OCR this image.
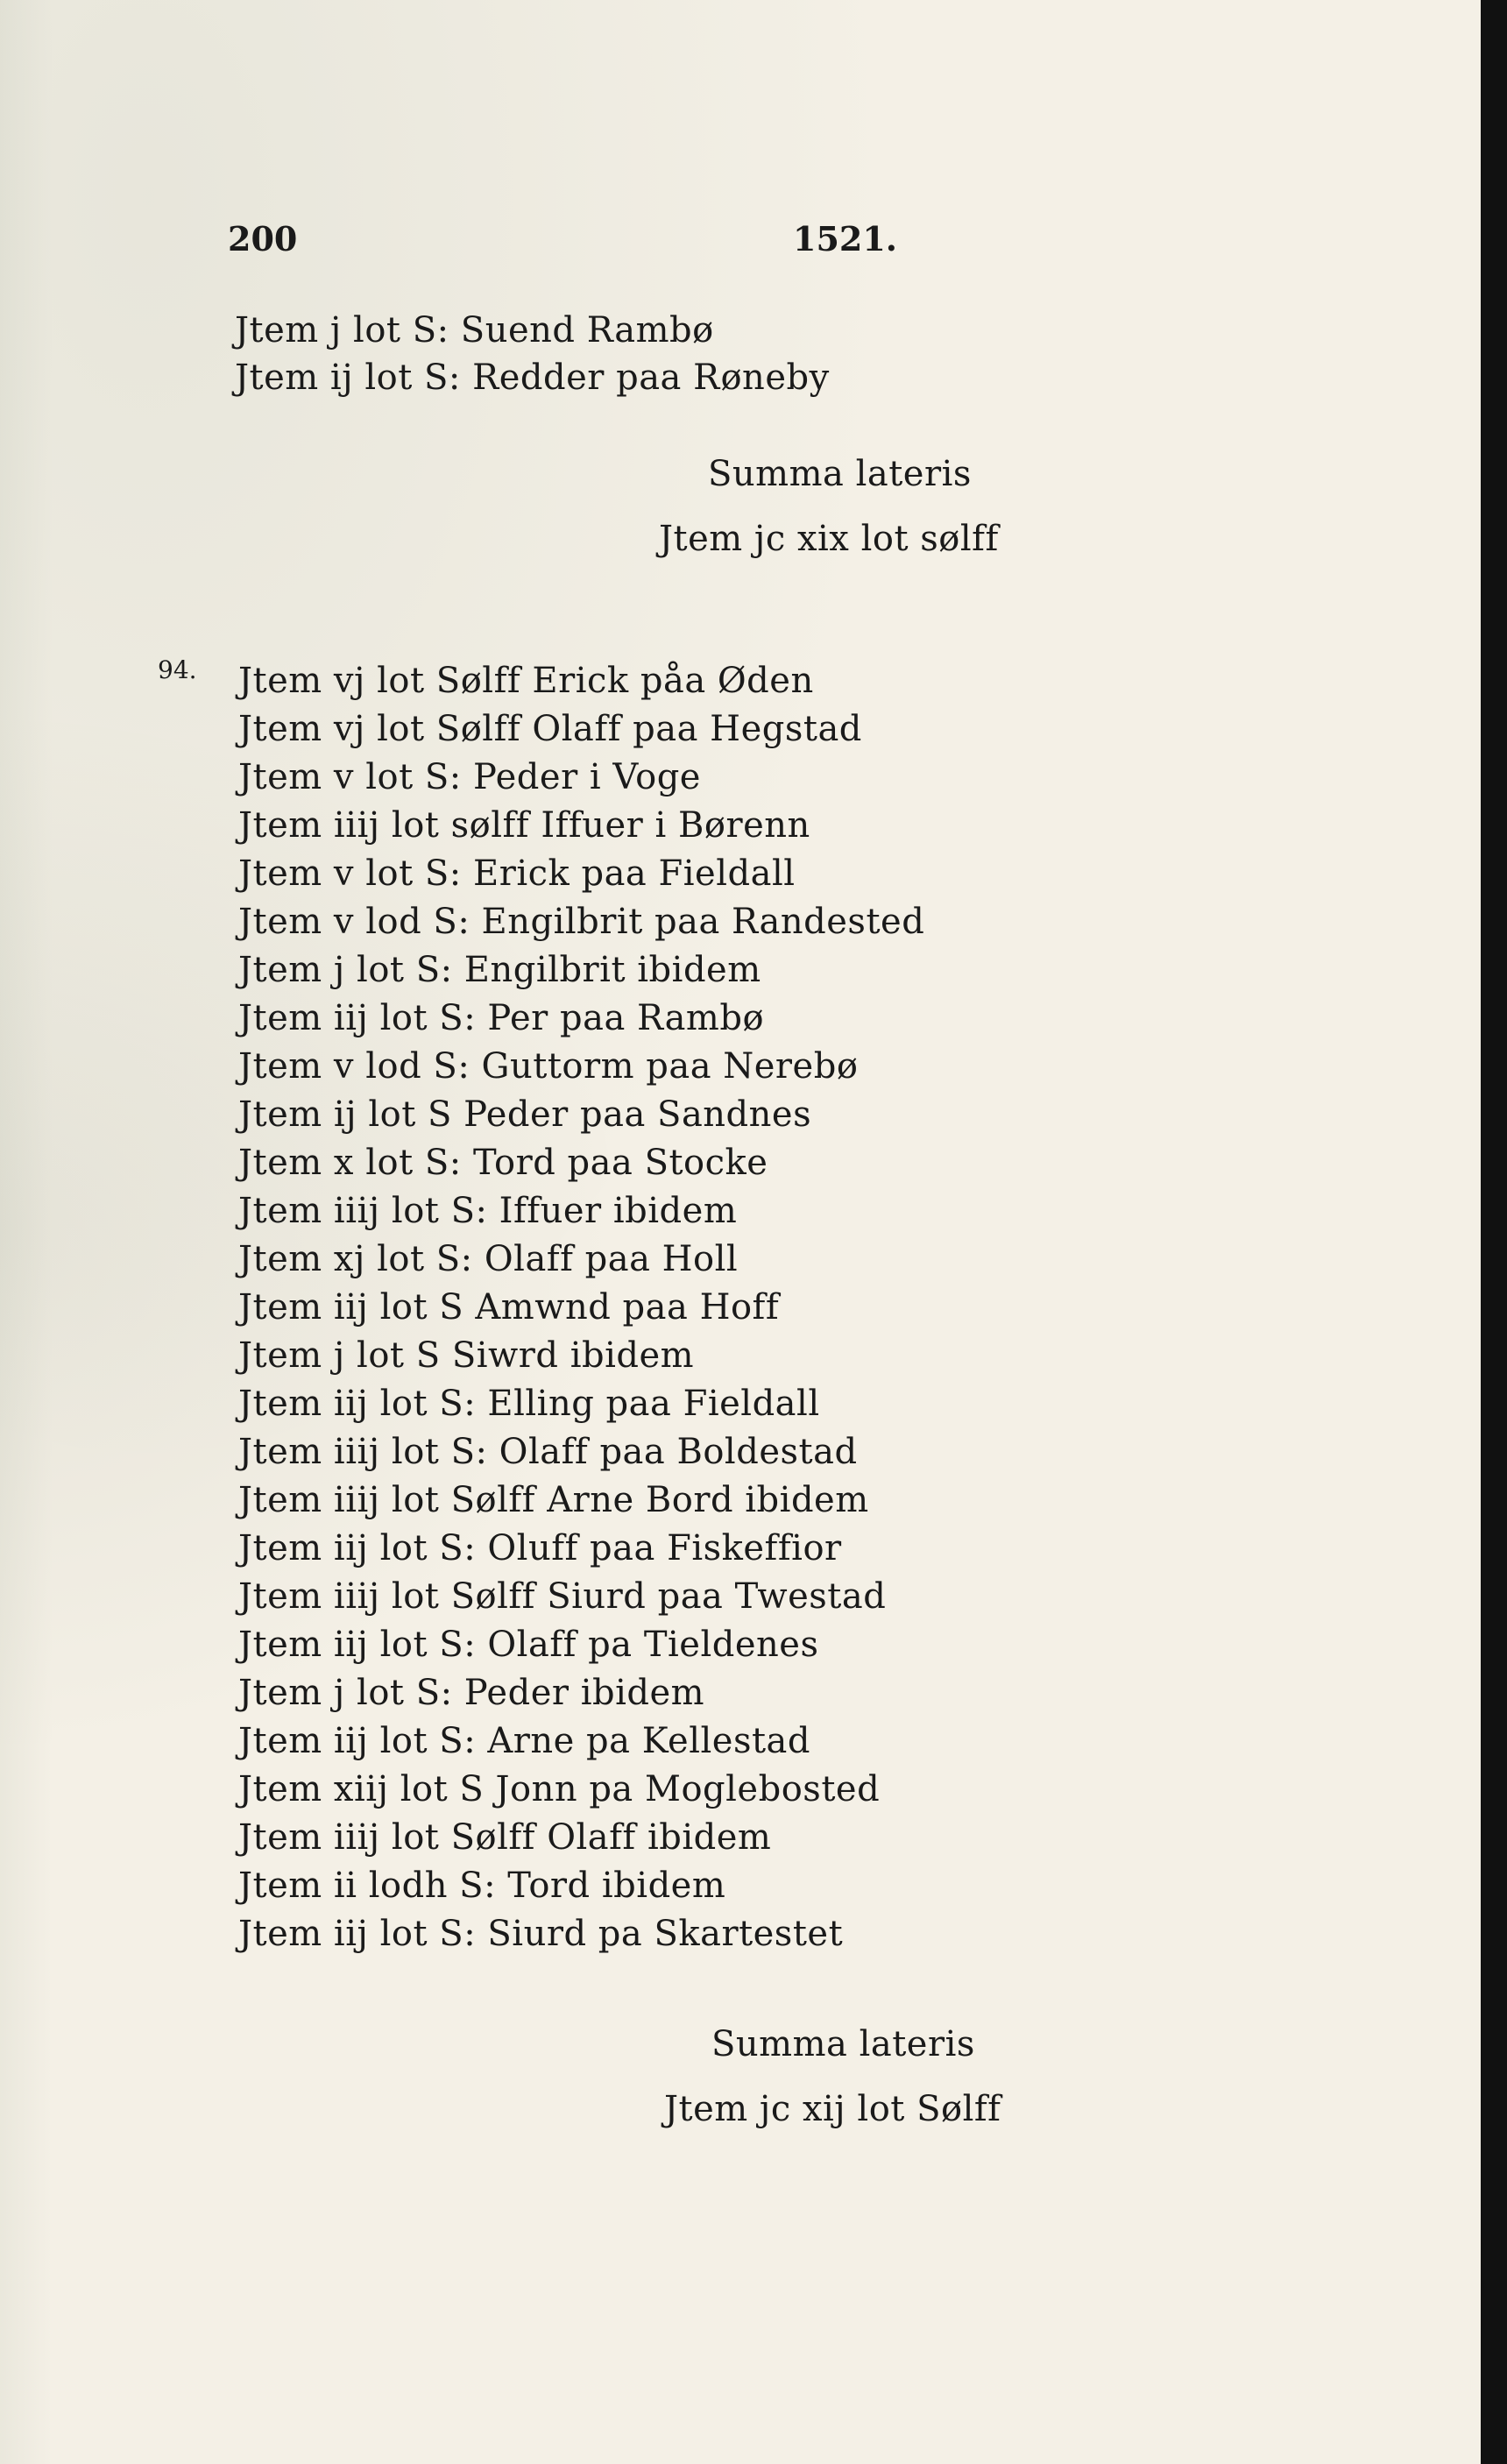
200	1521.
Jtem j lot S: Suend Rambø
Jtem ij lot S: Redder paa Røneby
Summa lateris
Jtem jc xix lot sølff
94. Jtem vj lot Sølff Erick påa Øden
Jtem vj lot Sølff Olaff paa Hegstad
Jtem v lot S: Peder i Voge
Jtem iiij lot sølff Iffuer i Børenn
Jtem v lot S: Erick paa Fieldall
Jtem v lod S: Engilbrit paa Randested
Jtem j lot S: Engilbrit ibidem
Jtem iij lot S: Per paa Rambø
Jtem v lod S: Guttorm paa Nerebø
Jtem ij lot S Peder paa Sandnes
Jtem x lot S: Tord paa Stocke
Jtem iiij lot S: Iffuer ibidem
Jtem xj lot S: Olaff paa Holl
Jtem iij lot S Amwnd paa Hoff
Jtem j lot S Siwrd ibidem
Jtem iij lot S: Elling paa Fieldall
Jtem iiij lot S: Olaff paa Boldestad
Jtem iiij lot Sølff Arne Bord ibidem
Jtem iij lot S: Oluff paa Fiskeffior
Jtem iiij lot Sølff Siurd paa Twestad
Jtem iij lot S: Olaff pa Tieldenes
Jtem j lot S: Peder ibidem
Jtem iij lot S: Arne pa Kellestad
Jtem xiij lot S Jonn pa Moglebosted
Jtem iiij lot Sølff Olaff ibidem
Jtem ii lodh S: Tord ibidem
Jtem iij lot S: Siurd pa Skartestet
Summa lateris
Jtem jc xij lot Sølff
